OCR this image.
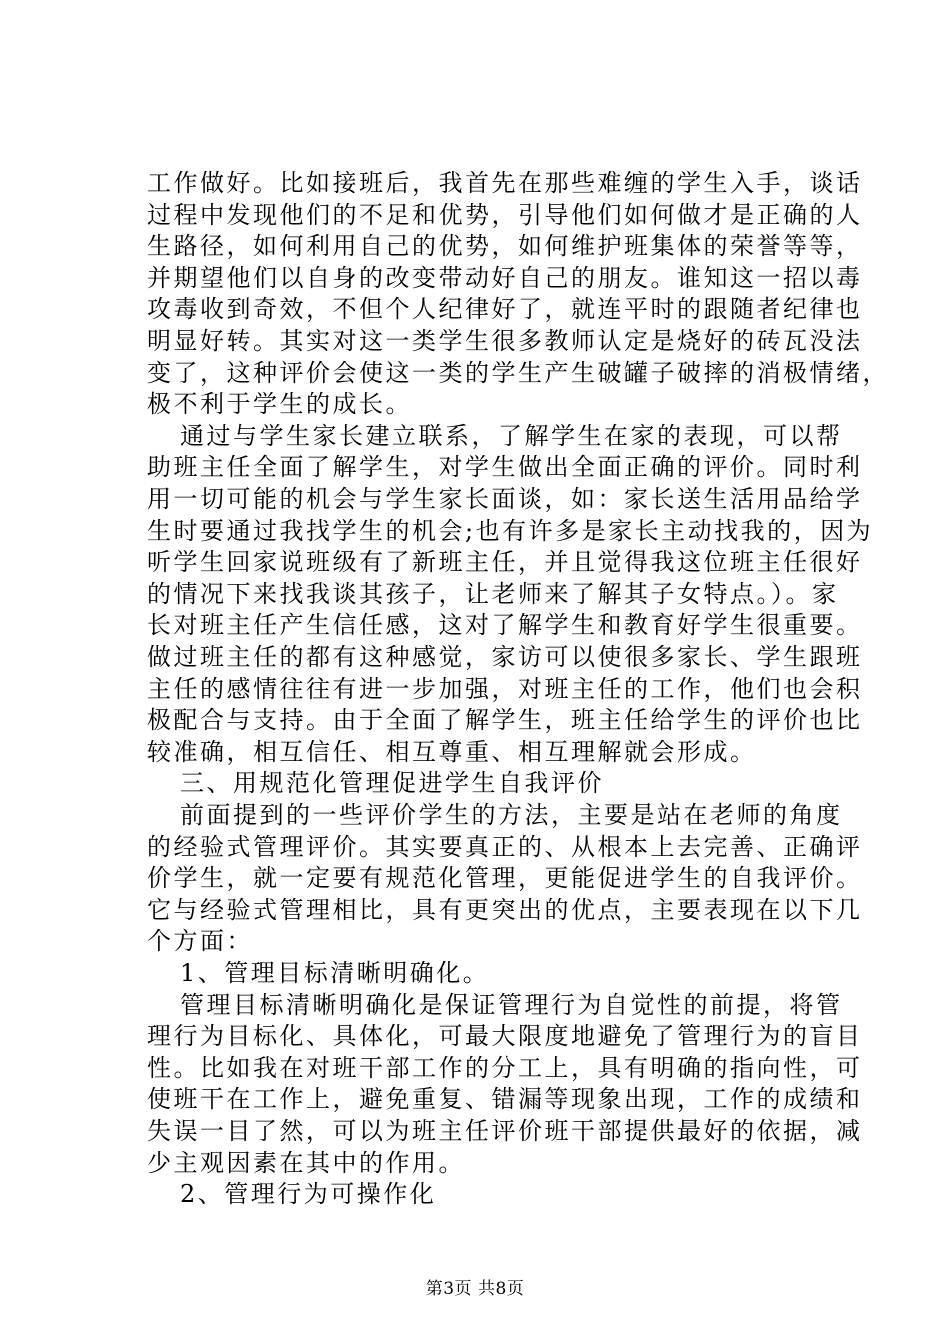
工作做好。比如接班后，我首先在那些难缠的学生入手，谈话
过程中发现他们的不足和优势，引导他们如何做才是正确的人
生路径，如何利用自己的优势，如何维护班集体的荣誉等等，
并期望他们以自身的改变带动好自己的朋友。谁知这一招以毒
攻毒收到奇效，不但个人纪律好了，就连平时的跟随者纪律也
明显好转。其实对这一类学生很多教师认定是烧好的砖瓦没法
变了，这种评价会使这一类的学生产生破罐子破摔的消极情绪，
极不利于学生的成长。
通过与学生家长建立联系，了解学生在家的表现，可以帮
助班主任全面了解学生，对学生做出全面正确的评价。同时利
用一切可能的机会与学生家长面谈，如：家长送生活用品给学
生时要通过我找学生的机会;也有许多是家长主动找我的，因为
听学生回家说班级有了新班主任，并且觉得我这位班主任很好
的情况下来找我谈其孩子，让老师来了解其子女特点。）。家
长对班主任产生信任感，这对了解学生和教育好学生很重要。
做过班主任的都有这种感觉，家访可以使很多家长、学生跟班
主任的感情往往有进一步加强，对班主任的工作，他们也会积
极配合与支持。由于全面了解学生，班主任给学生的评价也比
较准确，相互信任、相互尊重、相互理解就会形成。
三、用规范化管理促进学生自我评价
前面提到的一些评价学生的方法，主要是站在老师的角度
的经验式管理评价。其实要真正的、从根本上去完善、正确评
价学生，就一定要有规范化管理，更能促进学生的自我评价。
它与经验式管理相比，具有更突出的优点，主要表现在以下几
个方面：
1、管理目标清晰明确化。
管理目标清晰明确化是保证管理行为自觉性的前提，将管
理行为目标化、具体化，可最大限度地避免了管理行为的盲目
性。比如我在对班干部工作的分工上，具有明确的指向性，可
使班干在工作上，避免重复、错漏等现象出现，工作的成绩和
失误一目了然，可以为班主任评价班干部提供最好的依据，减
少主观因素在其中的作用。
2、管理行为可操作化
第3页 共8页
